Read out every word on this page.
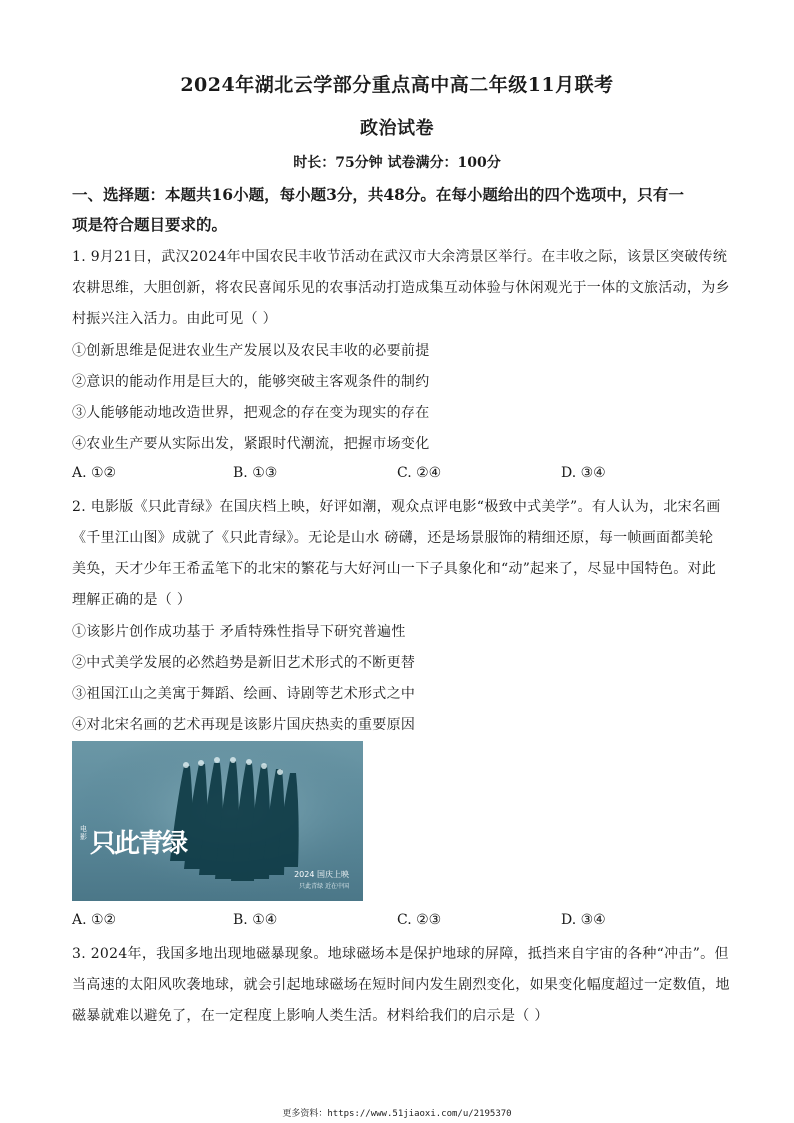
2024年湖北云学部分重点高中高二年级11月联考
政治试卷
时长：75分钟 试卷满分：100分
一、选择题：本题共16小题，每小题3分，共48分。在每小题给出的四个选项中，只有一
项是符合题目要求的。
1. 9月21日，武汉2024年中国农民丰收节活动在武汉市大余湾景区举行。在丰收之际，该景区突破传统
农耕思维，大胆创新，将农民喜闻乐见的农事活动打造成集互动体验与休闲观光于一体的文旅活动，为乡
村振兴注入活力。由此可见（ ）
①创新思维是促进农业生产发展以及农民丰收的必要前提
②意识的能动作用是巨大的，能够突破主客观条件的制约
③人能够能动地改造世界，把观念的存在变为现实的存在
④农业生产要从实际出发，紧跟时代潮流，把握市场变化
A. ①②	B. ①③	C. ②④	D. ③④
2. 电影版《只此青绿》在国庆档上映，好评如潮，观众点评电影“极致中式美学”。有人认为，北宋名画
《千里江山图》成就了《只此青绿》。无论是山水 磅礴，还是场景服饰的精细还原，每一帧画面都美轮
美奂，天才少年王希孟笔下的北宋的繁花与大好河山一下子具象化和“动”起来了，尽显中国特色。对此
理解正确的是（ ）
①该影片创作成功基于 矛盾特殊性指导下研究普遍性
②中式美学发展的必然趋势是新旧艺术形式的不断更替
③祖国江山之美寓于舞蹈、绘画、诗剧等艺术形式之中
④对北宋名画的艺术再现是该影片国庆热卖的重要原因
电影 只此青绿
2024 国庆上映
只此青绿 近在中国
A. ①②	B. ①④	C. ②③	D. ③④
3. 2024年，我国多地出现地磁暴现象。地球磁场本是保护地球的屏障，抵挡来自宇宙的各种“冲击”。但
当高速的太阳风吹袭地球，就会引起地球磁场在短时间内发生剧烈变化，如果变化幅度超过一定数值，地
磁暴就难以避免了，在一定程度上影响人类生活。材料给我们的启示是（ ）
更多资料：https://www.51jiaoxi.com/u/2195370
